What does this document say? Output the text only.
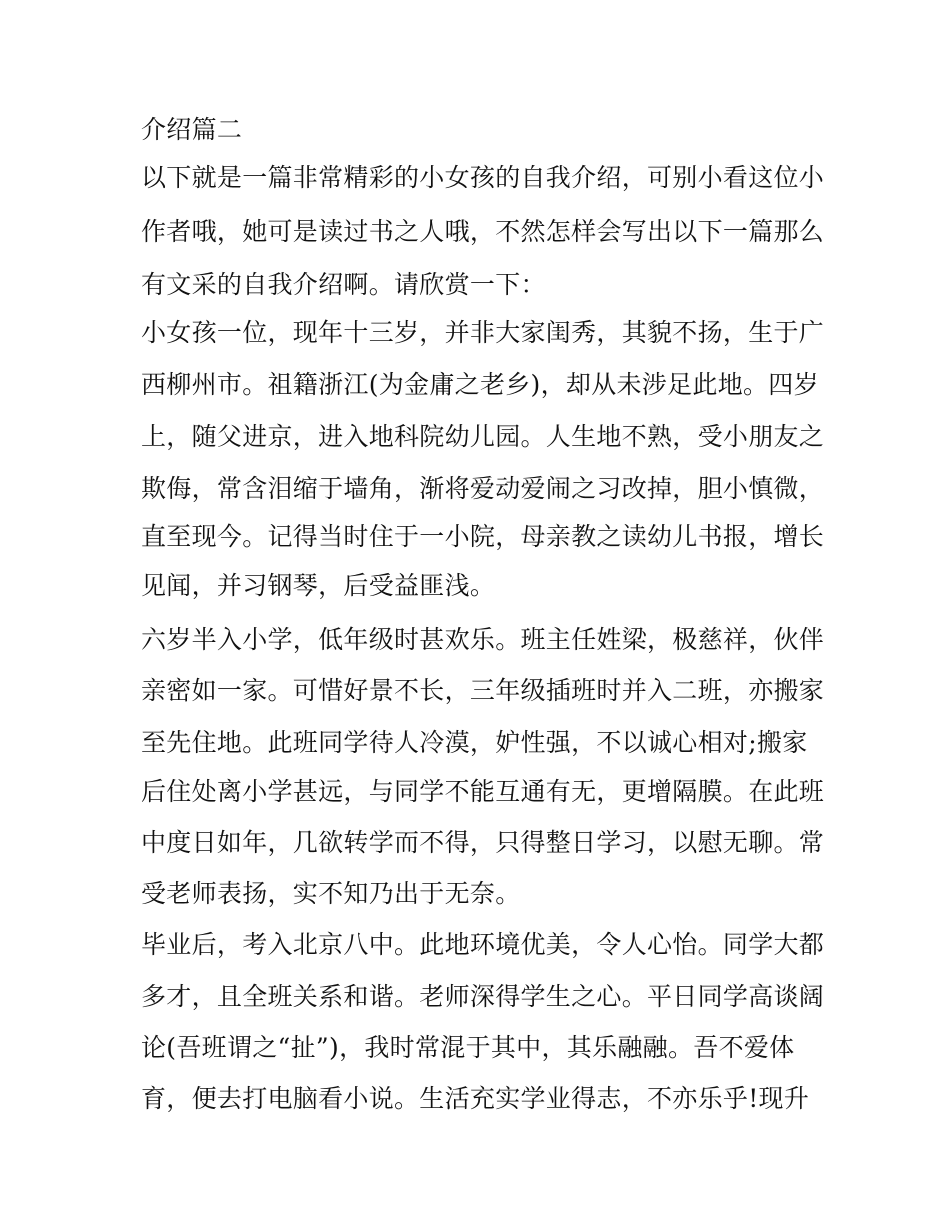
介绍篇二
以下就是一篇非常精彩的小女孩的自我介绍，可别小看这位小
作者哦，她可是读过书之人哦，不然怎样会写出以下一篇那么
有文采的自我介绍啊。请欣赏一下：
小女孩一位，现年十三岁，并非大家闺秀，其貌不扬，生于广
西柳州市。祖籍浙江(为金庸之老乡)，却从未涉足此地。四岁
上，随父进京，进入地科院幼儿园。人生地不熟，受小朋友之
欺侮，常含泪缩于墙角，渐将爱动爱闹之习改掉，胆小慎微，
直至现今。记得当时住于一小院，母亲教之读幼儿书报，增长
见闻，并习钢琴，后受益匪浅。
六岁半入小学，低年级时甚欢乐。班主任姓梁，极慈祥，伙伴
亲密如一家。可惜好景不长，三年级插班时并入二班，亦搬家
至先住地。此班同学待人冷漠，妒性强，不以诚心相对;搬家
后住处离小学甚远，与同学不能互通有无，更增隔膜。在此班
中度日如年，几欲转学而不得，只得整日学习，以慰无聊。常
受老师表扬，实不知乃出于无奈。
毕业后，考入北京八中。此地环境优美，令人心怡。同学大都
多才，且全班关系和谐。老师深得学生之心。平日同学高谈阔
论(吾班谓之“扯”)，我时常混于其中，其乐融融。吾不爱体
育，便去打电脑看小说。生活充实学业得志，不亦乐乎!现升
